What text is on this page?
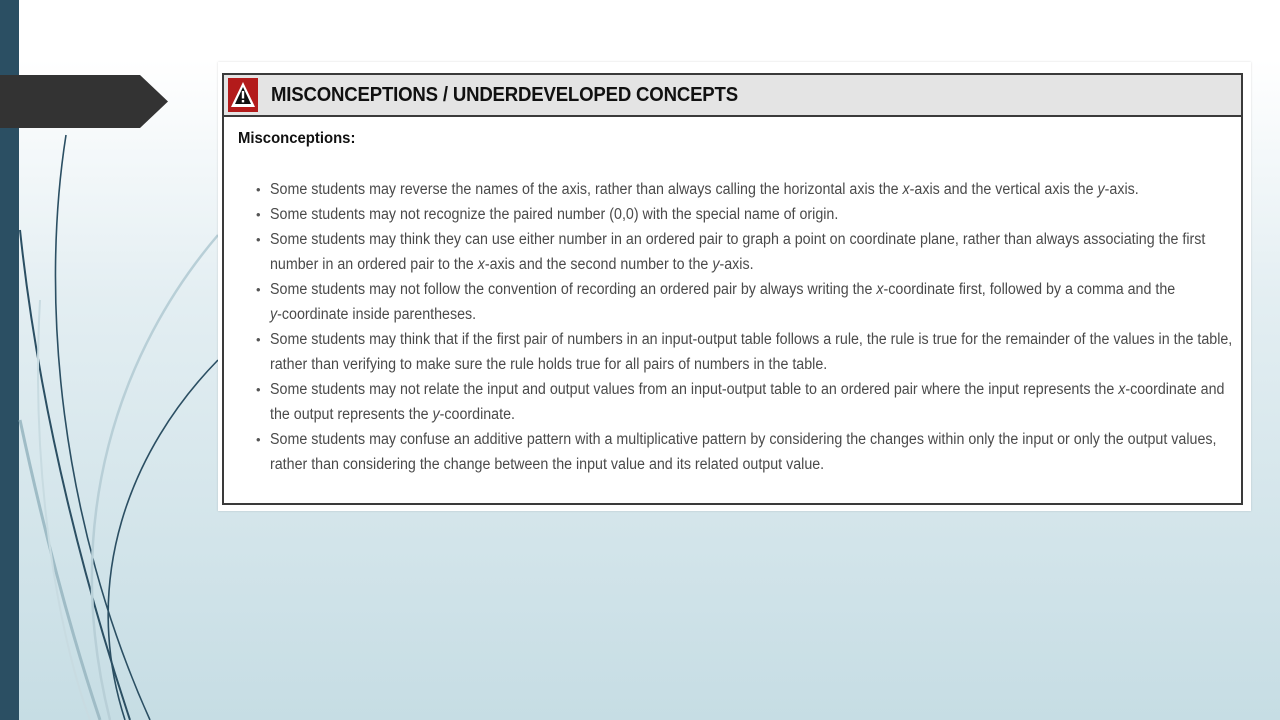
MISCONCEPTIONS / UNDERDEVELOPED CONCEPTS
Misconceptions:
• Some students may reverse the names of the axis, rather than always calling the horizontal axis the x-axis and the vertical axis the y-axis.
• Some students may not recognize the paired number (0,0) with the special name of origin.
• Some students may think they can use either number in an ordered pair to graph a point on coordinate plane, rather than always associating the first
number in an ordered pair to the x-axis and the second number to the y-axis.
• Some students may not follow the convention of recording an ordered pair by always writing the x-coordinate first, followed by a comma and the
y-coordinate inside parentheses.
• Some students may think that if the first pair of numbers in an input-output table follows a rule, the rule is true for the remainder of the values in the table,
rather than verifying to make sure the rule holds true for all pairs of numbers in the table.
• Some students may not relate the input and output values from an input-output table to an ordered pair where the input represents the x-coordinate and
the output represents the y-coordinate.
• Some students may confuse an additive pattern with a multiplicative pattern by considering the changes within only the input or only the output values,
rather than considering the change between the input value and its related output value.
